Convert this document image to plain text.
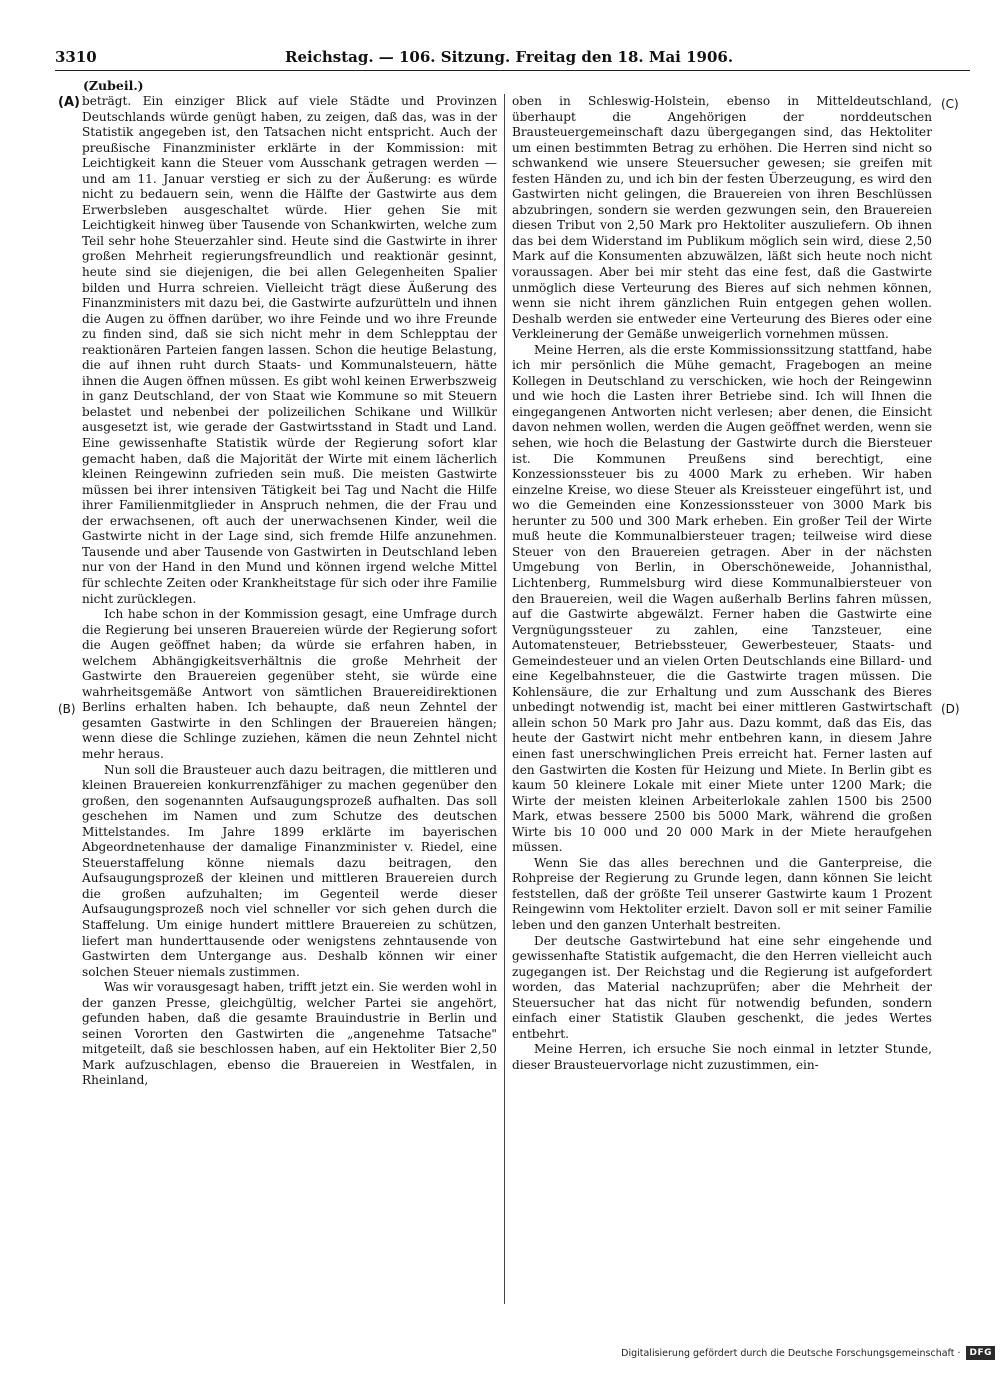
3310	Reichstag. — 106. Sitzung. Freitag den 18. Mai 1906.
(Zubeil.)
(A)
(B)
(C)
(D)

beträgt. Ein einziger Blick auf viele Städte und Provinzen Deutschlands würde genügt haben, zu zeigen, daß das, was in der Statistik angegeben ist, den Tatsachen nicht entspricht. Auch der preußische Finanzminister erklärte in der Kommission: mit Leichtigkeit kann die Steuer vom Ausschank getragen werden — und am 11. Januar verstieg er sich zu der Äußerung: es würde nicht zu bedauern sein, wenn die Hälfte der Gastwirte aus dem Erwerbsleben ausgeschaltet würde. Hier gehen Sie mit Leichtigkeit hinweg über Tausende von Schankwirten, welche zum Teil sehr hohe Steuerzahler sind. Heute sind die Gastwirte in ihrer großen Mehrheit regierungsfreundlich und reaktionär gesinnt, heute sind sie diejenigen, die bei allen Gelegenheiten Spalier bilden und Hurra schreien. Vielleicht trägt diese Äußerung des Finanzministers mit dazu bei, die Gastwirte aufzurütteln und ihnen die Augen zu öffnen darüber, wo ihre Feinde und wo ihre Freunde zu finden sind, daß sie sich nicht mehr in dem Schlepptau der reaktionären Parteien fangen lassen. Schon die heutige Belastung, die auf ihnen ruht durch Staats- und Kommunalsteuern, hätte ihnen die Augen öffnen müssen. Es gibt wohl keinen Erwerbszweig in ganz Deutschland, der von Staat wie Kommune so mit Steuern belastet und nebenbei der polizeilichen Schikane und Willkür ausgesetzt ist, wie gerade der Gastwirtsstand in Stadt und Land. Eine gewissenhafte Statistik würde der Regierung sofort klar gemacht haben, daß die Majorität der Wirte mit einem lächerlich kleinen Reingewinn zufrieden sein muß. Die meisten Gastwirte müssen bei ihrer intensiven Tätigkeit bei Tag und Nacht die Hilfe ihrer Familienmitglieder in Anspruch nehmen, die der Frau und der erwachsenen, oft auch der unerwachsenen Kinder, weil die Gastwirte nicht in der Lage sind, sich fremde Hilfe anzunehmen. Tausende und aber Tausende von Gastwirten in Deutschland leben nur von der Hand in den Mund und können irgend welche Mittel für schlechte Zeiten oder Krankheitstage für sich oder ihre Familie nicht zurücklegen.

Ich habe schon in der Kommission gesagt, eine Umfrage durch die Regierung bei unseren Brauereien würde der Regierung sofort die Augen geöffnet haben; da würde sie erfahren haben, in welchem Abhängigkeitsverhältnis die große Mehrheit der Gastwirte den Brauereien gegenüber steht, sie würde eine wahrheitsgemäße Antwort von sämtlichen Brauereidirektionen Berlins erhalten haben. Ich behaupte, daß neun Zehntel der gesamten Gastwirte in den Schlingen der Brauereien hängen; wenn diese die Schlinge zuziehen, kämen die neun Zehntel nicht mehr heraus.

Nun soll die Brausteuer auch dazu beitragen, die mittleren und kleinen Brauereien konkurrenzfähiger zu machen gegenüber den großen, den sogenannten Aufsaugungsprozeß aufhalten. Das soll geschehen im Namen und zum Schutze des deutschen Mittelstandes. Im Jahre 1899 erklärte im bayerischen Abgeordnetenhause der damalige Finanzminister v. Riedel, eine Steuerstaffelung könne niemals dazu beitragen, den Aufsaugungsprozeß der kleinen und mittleren Brauereien durch die großen aufzuhalten; im Gegenteil werde dieser Aufsaugungsprozeß noch viel schneller vor sich gehen durch die Staffelung. Um einige hundert mittlere Brauereien zu schützen, liefert man hunderttausende oder wenigstens zehntausende von Gastwirten dem Untergange aus. Deshalb können wir einer solchen Steuer niemals zustimmen.

Was wir vorausgesagt haben, trifft jetzt ein. Sie werden wohl in der ganzen Presse, gleichgültig, welcher Partei sie angehört, gefunden haben, daß die gesamte Brauindustrie in Berlin und seinen Vororten den Gastwirten die „angenehme Tatsache" mitgeteilt, daß sie beschlossen haben, auf ein Hektoliter Bier 2,50 Mark aufzuschlagen, ebenso die Brauereien in Westfalen, in Rheinland,

oben in Schleswig-Holstein, ebenso in Mitteldeutschland, überhaupt die Angehörigen der norddeutschen Brausteuergemeinschaft dazu übergegangen sind, das Hektoliter um einen bestimmten Betrag zu erhöhen. Die Herren sind nicht so schwankend wie unsere Steuersucher gewesen; sie greifen mit festen Händen zu, und ich bin der festen Überzeugung, es wird den Gastwirten nicht gelingen, die Brauereien von ihren Beschlüssen abzubringen, sondern sie werden gezwungen sein, den Brauereien diesen Tribut von 2,50 Mark pro Hektoliter auszuliefern. Ob ihnen das bei dem Widerstand im Publikum möglich sein wird, diese 2,50 Mark auf die Konsumenten abzuwälzen, läßt sich heute noch nicht voraussagen. Aber bei mir steht das eine fest, daß die Gastwirte unmöglich diese Verteurung des Bieres auf sich nehmen können, wenn sie nicht ihrem gänzlichen Ruin entgegen gehen wollen. Deshalb werden sie entweder eine Verteurung des Bieres oder eine Verkleinerung der Gemäße unweigerlich vornehmen müssen.

Meine Herren, als die erste Kommissionssitzung stattfand, habe ich mir persönlich die Mühe gemacht, Fragebogen an meine Kollegen in Deutschland zu verschicken, wie hoch der Reingewinn und wie hoch die Lasten ihrer Betriebe sind. Ich will Ihnen die eingegangenen Antworten nicht verlesen; aber denen, die Einsicht davon nehmen wollen, werden die Augen geöffnet werden, wenn sie sehen, wie hoch die Belastung der Gastwirte durch die Biersteuer ist. Die Kommunen Preußens sind berechtigt, eine Konzessionssteuer bis zu 4000 Mark zu erheben. Wir haben einzelne Kreise, wo diese Steuer als Kreissteuer eingeführt ist, und wo die Gemeinden eine Konzessionssteuer von 3000 Mark bis herunter zu 500 und 300 Mark erheben. Ein großer Teil der Wirte muß heute die Kommunalbiersteuer tragen; teilweise wird diese Steuer von den Brauereien getragen. Aber in der nächsten Umgebung von Berlin, in Oberschöneweide, Johannisthal, Lichtenberg, Rummelsburg wird diese Kommunalbiersteuer von den Brauereien, weil die Wagen außerhalb Berlins fahren müssen, auf die Gastwirte abgewälzt. Ferner haben die Gastwirte eine Vergnügungssteuer zu zahlen, eine Tanzsteuer, eine Automatensteuer, Betriebssteuer, Gewerbesteuer, Staats- und Gemeindesteuer und an vielen Orten Deutschlands eine Billard- und eine Kegelbahnsteuer, die die Gastwirte tragen müssen. Die Kohlensäure, die zur Erhaltung und zum Ausschank des Bieres unbedingt notwendig ist, macht bei einer mittleren Gastwirtschaft allein schon 50 Mark pro Jahr aus. Dazu kommt, daß das Eis, das heute der Gastwirt nicht mehr entbehren kann, in diesem Jahre einen fast unerschwinglichen Preis erreicht hat. Ferner lasten auf den Gastwirten die Kosten für Heizung und Miete. In Berlin gibt es kaum 50 kleinere Lokale mit einer Miete unter 1200 Mark; die Wirte der meisten kleinen Arbeiterlokale zahlen 1500 bis 2500 Mark, etwas bessere 2500 bis 5000 Mark, während die großen Wirte bis 10 000 und 20 000 Mark in der Miete heraufgehen müssen.

Wenn Sie das alles berechnen und die Ganterpreise, die Rohpreise der Regierung zu Grunde legen, dann können Sie leicht feststellen, daß der größte Teil unserer Gastwirte kaum 1 Prozent Reingewinn vom Hektoliter erzielt. Davon soll er mit seiner Familie leben und den ganzen Unterhalt bestreiten.

Der deutsche Gastwirtebund hat eine sehr eingehende und gewissenhafte Statistik aufgemacht, die den Herren vielleicht auch zugegangen ist. Der Reichstag und die Regierung ist aufgefordert worden, das Material nachzuprüfen; aber die Mehrheit der Steuersucher hat das nicht für notwendig befunden, sondern einfach einer Statistik Glauben geschenkt, die jedes Wertes entbehrt.

Meine Herren, ich ersuche Sie noch einmal in letzter Stunde, dieser Brausteuervorlage nicht zuzustimmen, ein-

Digitalisierung gefördert durch die Deutsche Forschungsgemeinschaft ·	DFG
